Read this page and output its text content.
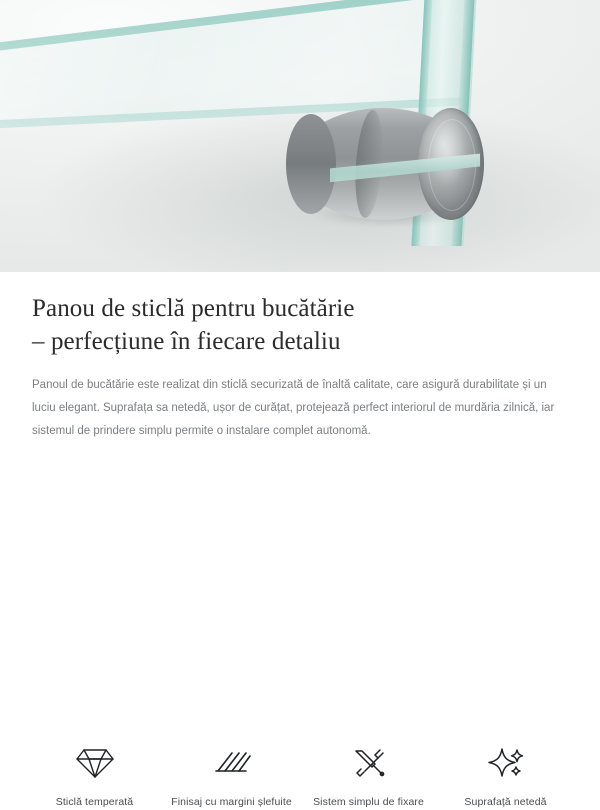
Panou de sticlă pentru bucătărie
– perfecțiune în fiecare detaliu

Panoul de bucătărie este realizat din sticlă securizată de înaltă calitate, care asigură durabilitate și un luciu elegant. Suprafața sa netedă, ușor de curățat, protejează perfect interiorul de murdăria zilnică, iar sistemul de prindere simplu permite o instalare complet autonomă.

Sticlă temperată	Finisaj cu margini șlefuite Sistem simplu de fixare	Suprafață netedă
